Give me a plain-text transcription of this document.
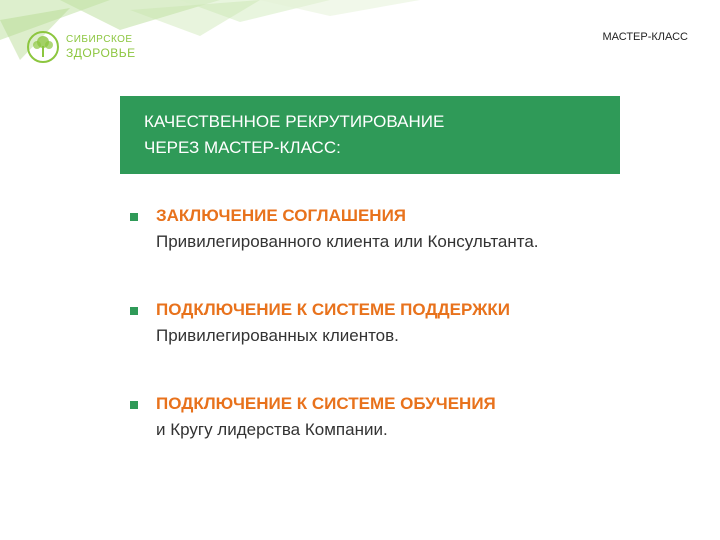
СИБИРСКОЕ
ЗДОРОВЬЕ
МАСТЕР-КЛАСС
КАЧЕСТВЕННОЕ РЕКРУТИРОВАНИЕ
ЧЕРЕЗ МАСТЕР-КЛАСС:
ЗАКЛЮЧЕНИЕ СОГЛАШЕНИЯ
Привилегированного клиента или Консультанта.
ПОДКЛЮЧЕНИЕ К СИСТЕМЕ ПОДДЕРЖКИ
Привилегированных клиентов.
ПОДКЛЮЧЕНИЕ К СИСТЕМЕ ОБУЧЕНИЯ
и Кругу лидерства Компании.
